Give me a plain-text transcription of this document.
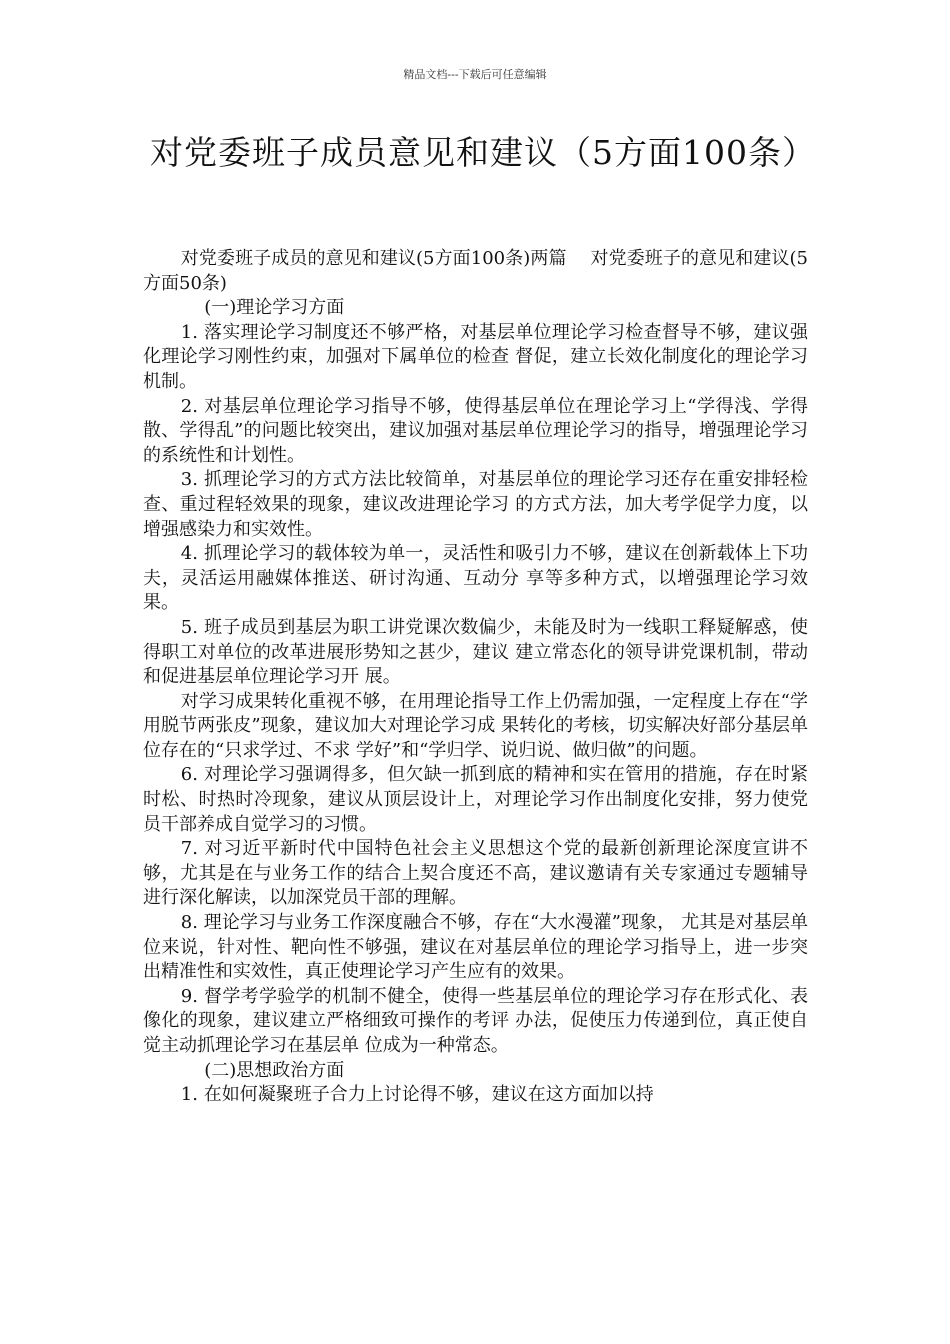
精品文档---下载后可任意编辑
对党委班子成员意见和建议（5方面100条）

对党委班子成员的意见和建议(5方面100条)两篇　 对党委班子的意见和建议(5方面50条)

(一)理论学习方面

1. 落实理论学习制度还不够严格，对基层单位理论学习检查督导不够，建议强化理论学习刚性约束，加强对下属单位的检查 督促，建立长效化制度化的理论学习机制。

2. 对基层单位理论学习指导不够，使得基层单位在理论学习上“学得浅、学得散、学得乱”的问题比较突出，建议加强对基层单位理论学习的指导，增强理论学习的系统性和计划性。

3. 抓理论学习的方式方法比较简单，对基层单位的理论学习还存在重安排轻检查、重过程轻效果的现象，建议改进理论学习 的方式方法，加大考学促学力度，以增强感染力和实效性。

4. 抓理论学习的载体较为单一，灵活性和吸引力不够，建议在创新载体上下功夫，灵活运用融媒体推送、研讨沟通、互动分 享等多种方式，以增强理论学习效果。

5. 班子成员到基层为职工讲党课次数偏少，未能及时为一线职工释疑解惑，使得职工对单位的改革进展形势知之甚少，建议 建立常态化的领导讲党课机制，带动和促进基层单位理论学习开 展。

对学习成果转化重视不够，在用理论指导工作上仍需加强，一定程度上存在“学用脱节两张皮”现象，建议加大对理论学习成 果转化的考核，切实解决好部分基层单位存在的“只求学过、不求 学好”和“学归学、说归说、做归做”的问题。

6. 对理论学习强调得多，但欠缺一抓到底的精神和实在管用的措施，存在时紧时松、时热时冷现象，建议从顶层设计上，对理论学习作出制度化安排，努力使党员干部养成自觉学习的习惯。

7. 对习近平新时代中国特色社会主义思想这个党的最新创新理论深度宣讲不够，尤其是在与业务工作的结合上契合度还不高，建议邀请有关专家通过专题辅导进行深化解读，以加深党员干部的理解。

8. 理论学习与业务工作深度融合不够，存在“大水漫灌”现象， 尤其是对基层单位来说，针对性、靶向性不够强，建议在对基层单位的理论学习指导上，进一步突出精准性和实效性，真正使理论学习产生应有的效果。

9. 督学考学验学的机制不健全，使得一些基层单位的理论学习存在形式化、表像化的现象，建议建立严格细致可操作的考评 办法，促使压力传递到位，真正使自觉主动抓理论学习在基层单 位成为一种常态。

(二)思想政治方面

1. 在如何凝聚班子合力上讨论得不够，建议在这方面加以持
